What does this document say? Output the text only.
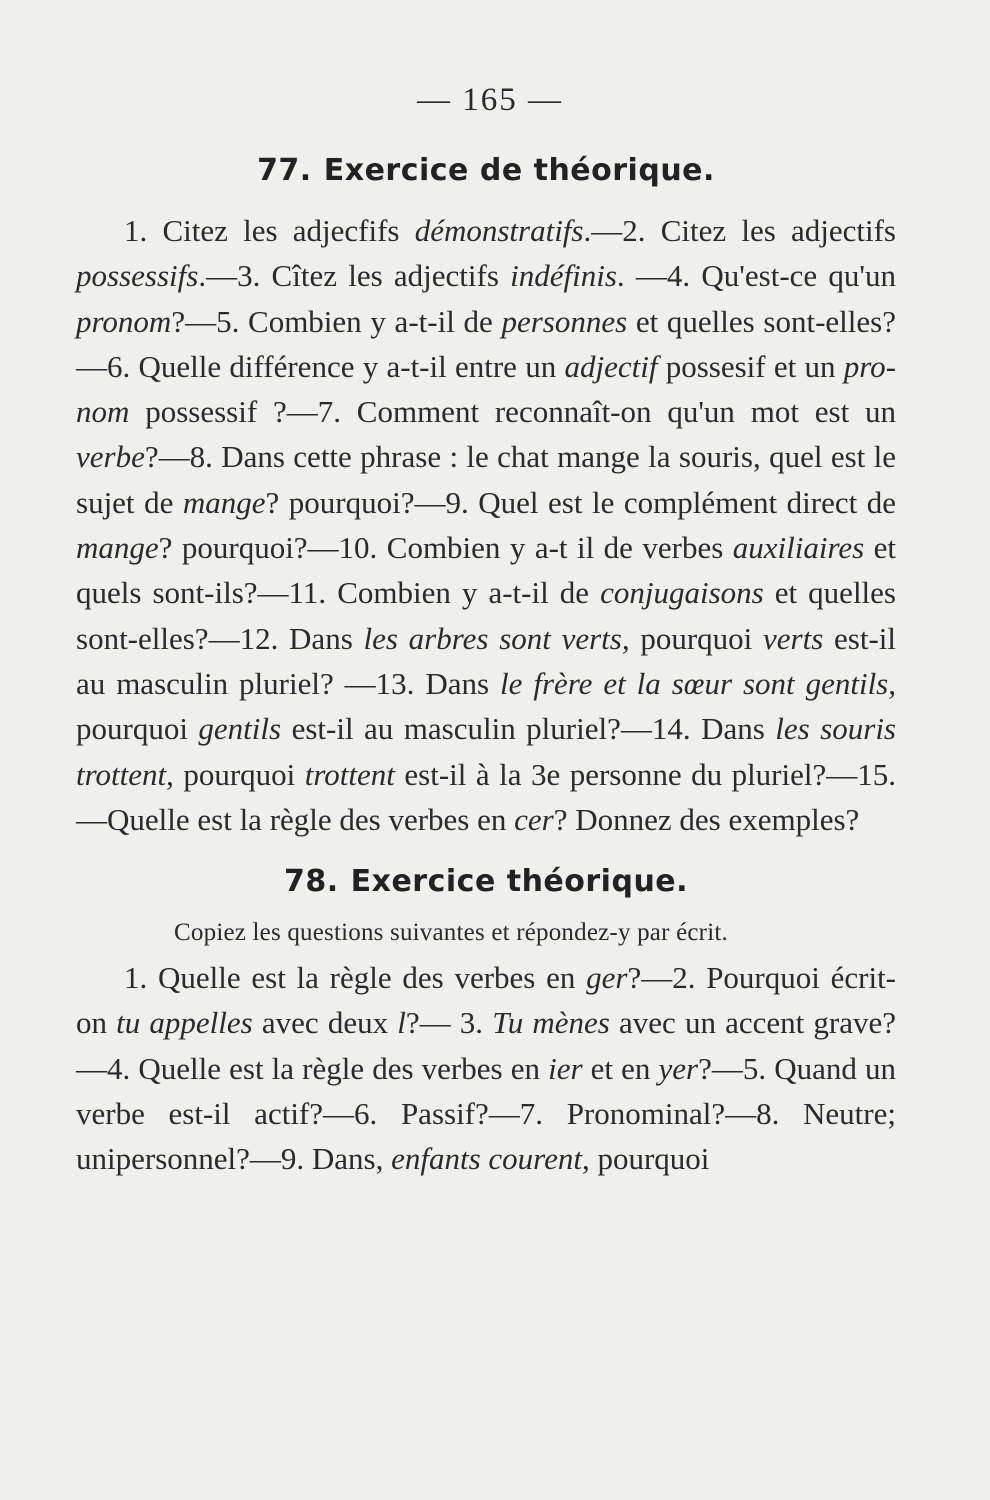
— 165 —
77. Exercice de théorique.

1. Citez les adjecfifs démonstratifs.—2. Citez les adjectifs possessifs.—3. Cîtez les adjectifs indéfinis. —4. Qu'est-ce qu'un pronom?—5. Combien y a-t-il de personnes et quelles sont-elles?—6. Quelle différence y a-t-il entre un adjectif possesif et un pronom possessif ?—7. Comment reconnaît-on qu'un mot est un verbe?—8. Dans cette phrase : le chat mange la souris, quel est le sujet de mange? pourquoi?—9. Quel est le complément direct de mange? pourquoi?—10. Combien y a-t il de verbes auxiliaires et quels sont-ils?—11. Combien y a-t-il de conjugaisons et quelles sont-elles?—12. Dans les arbres sont verts, pourquoi verts est-il au masculin pluriel? —13. Dans le frère et la sœur sont gentils, pourquoi gentils est-il au masculin pluriel?—14. Dans les souris trottent, pourquoi trottent est-il à la 3e personne du pluriel?—15.—Quelle est la règle des verbes en cer? Donnez des exemples?

78. Exercice théorique.
Copiez les questions suivantes et répondez-y par écrit.

1. Quelle est la règle des verbes en ger?—2. Pourquoi écrit-on tu appelles avec deux l?— 3. Tu mènes avec un accent grave?—4. Quelle est la règle des verbes en ier et en yer?—5. Quand un verbe est-il actif?—6. Passif?—7. Pronominal?—8. Neutre; unipersonnel?—9. Dans, enfants courent, pourquoi
